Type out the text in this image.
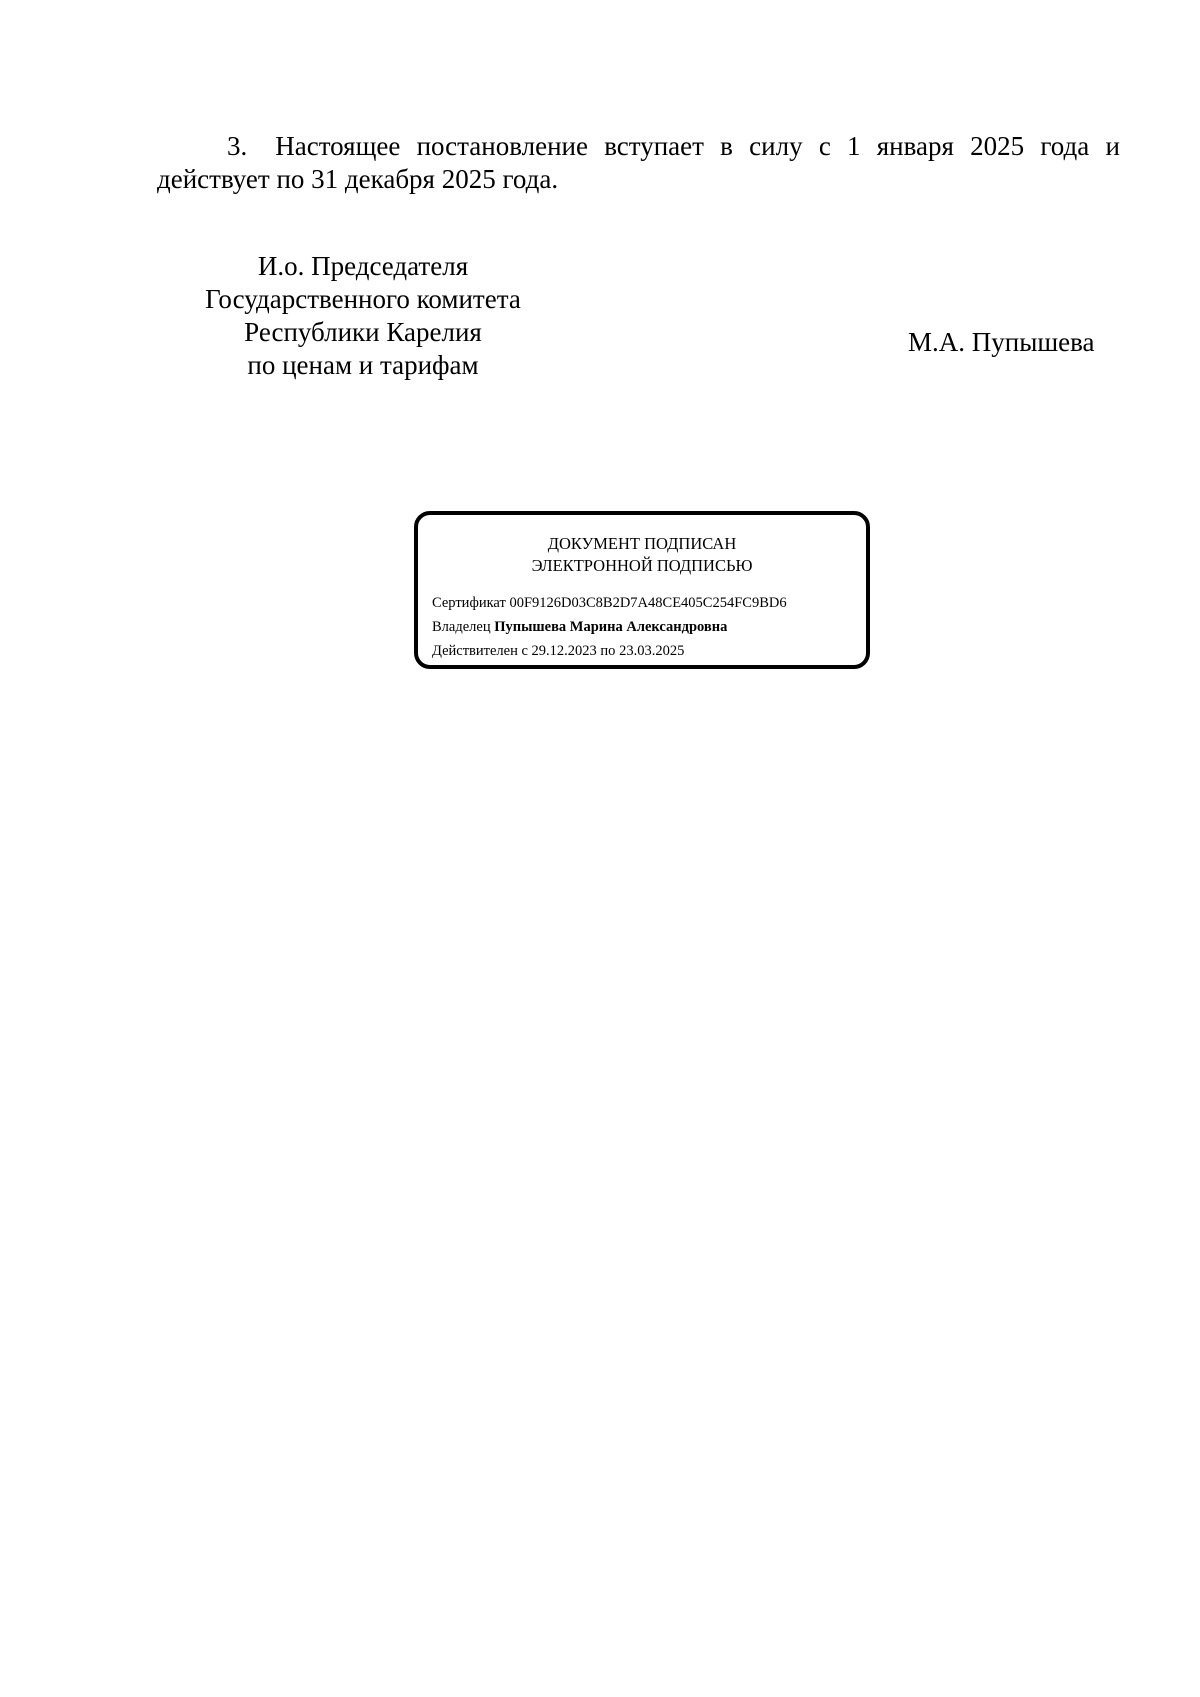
3. Настоящее постановление вступает в силу с 1 января 2025 года и
действует по 31 декабря 2025 года.
И.о. Председателя
Государственного комитета
Республики Карелия
по ценам и тарифам
М.А. Пупышева
ДОКУМЕНТ ПОДПИСАН
ЭЛЕКТРОННОЙ ПОДПИСЬЮ
Сертификат 00F9126D03C8B2D7A48CE405C254FC9BD6
Владелец Пупышева Марина Александровна
Действителен с 29.12.2023 по 23.03.2025
